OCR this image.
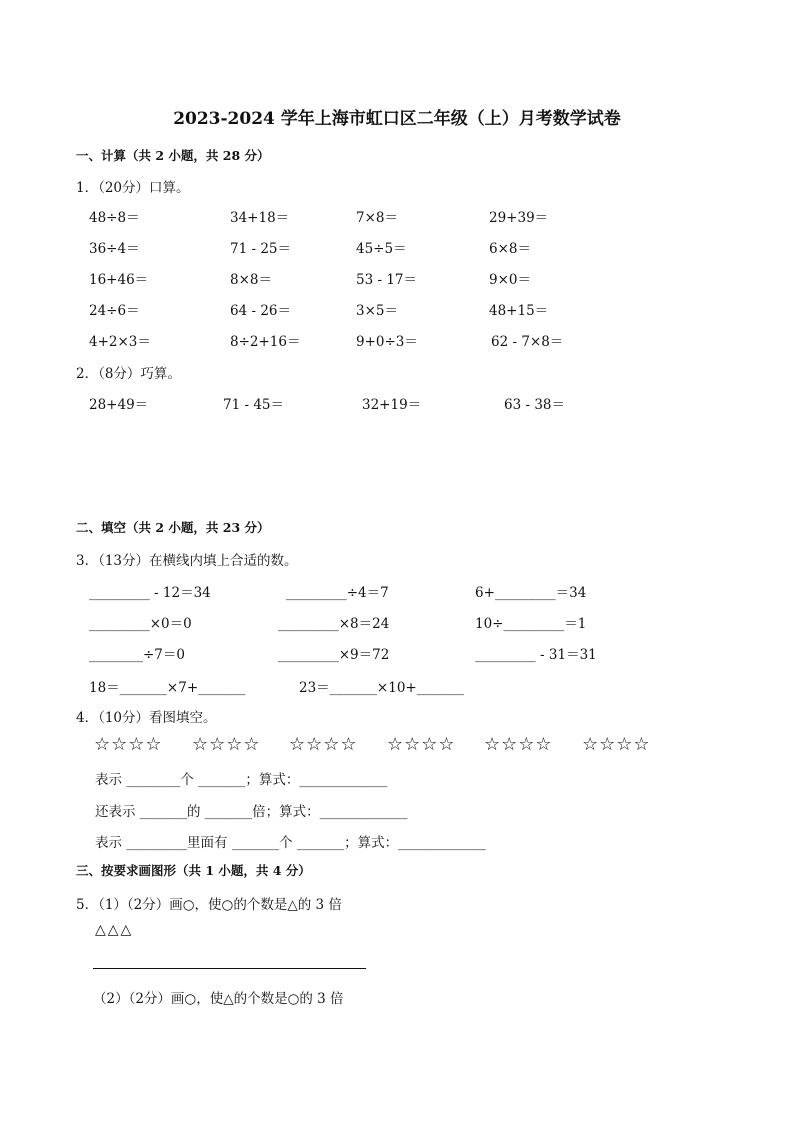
2023-2024 学年上海市虹口区二年级（上）月考数学试卷
一、计算（共 2 小题，共 28 分）
1．（20分）口算。
48÷8＝	34+18＝	7×8＝	29+39＝
36÷4＝	71 - 25＝	45÷5＝	6×8＝
16+46＝	8×8＝	53 - 17＝	9×0＝
24÷6＝	64 - 26＝	3×5＝	48+15＝
4+2×3＝	8÷2+16＝	9+0÷3＝	62 - 7×8＝
2．（8分）巧算。
28+49＝	71 - 45＝	32+19＝	63 - 38＝
二、填空（共 2 小题，共 23 分）
3．（13分）在横线内填上合适的数。
_________ - 12＝34	_________÷4＝7	6+_________＝34
_________×0＝0	_________×8＝24	10÷_________＝1
________÷7＝0	_________×9＝72	_________ - 31＝31
18＝_______×7+_______	23＝_______×10+_______
4．（10分）看图填空。
☆☆☆☆ ☆☆☆☆ ☆☆☆☆ ☆☆☆☆ ☆☆☆☆ ☆☆☆☆
表示 ________个 _______；算式：_____________
还表示 _______的 _______倍；算式：_____________
表示 _________里面有 _______个 _______；算式：_____________
三、按要求画图形（共 1 小题，共 4 分）
5．（1）（2分）画○，使○的个数是△的 3 倍
△△△
（2）（2分）画○，使△的个数是○的 3 倍
